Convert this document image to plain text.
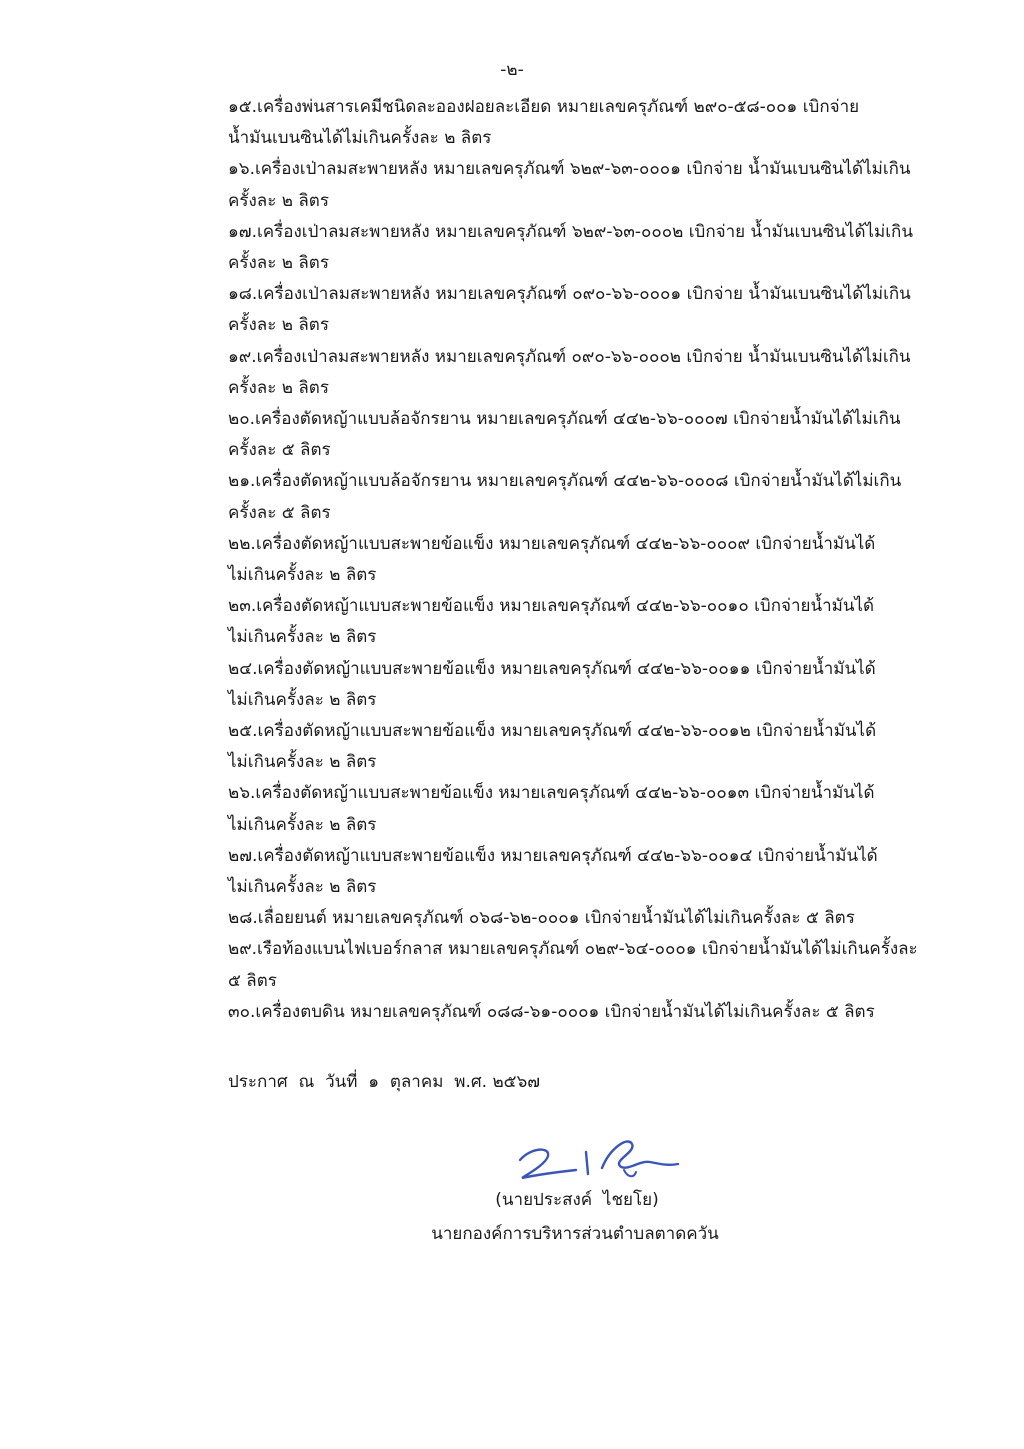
-๒-
๑๕.เครื่องพ่นสารเคมีชนิดละอองฝอยละเอียด หมายเลขครุภัณฑ์ ๒๙๐-๕๘-๐๐๑ เบิกจ่าย
น้ำมันเบนซินได้ไม่เกินครั้งละ ๒ ลิตร
๑๖.เครื่องเป่าลมสะพายหลัง หมายเลขครุภัณฑ์ ๖๒๙-๖๓-๐๐๐๑ เบิกจ่าย น้ำมันเบนซินได้ไม่เกิน
ครั้งละ ๒ ลิตร
๑๗.เครื่องเป่าลมสะพายหลัง หมายเลขครุภัณฑ์ ๖๒๙-๖๓-๐๐๐๒ เบิกจ่าย น้ำมันเบนซินได้ไม่เกิน
ครั้งละ ๒ ลิตร
๑๘.เครื่องเป่าลมสะพายหลัง หมายเลขครุภัณฑ์ ๐๙๐-๖๖-๐๐๐๑ เบิกจ่าย น้ำมันเบนซินได้ไม่เกิน
ครั้งละ ๒ ลิตร
๑๙.เครื่องเป่าลมสะพายหลัง หมายเลขครุภัณฑ์ ๐๙๐-๖๖-๐๐๐๒ เบิกจ่าย น้ำมันเบนซินได้ไม่เกิน
ครั้งละ ๒ ลิตร
๒๐.เครื่องตัดหญ้าแบบล้อจักรยาน หมายเลขครุภัณฑ์ ๔๔๒-๖๖-๐๐๐๗ เบิกจ่ายน้ำมันได้ไม่เกิน
ครั้งละ ๕ ลิตร
๒๑.เครื่องตัดหญ้าแบบล้อจักรยาน หมายเลขครุภัณฑ์ ๔๔๒-๖๖-๐๐๐๘ เบิกจ่ายน้ำมันได้ไม่เกิน
ครั้งละ ๕ ลิตร
๒๒.เครื่องตัดหญ้าแบบสะพายข้อแข็ง หมายเลขครุภัณฑ์ ๔๔๒-๖๖-๐๐๐๙ เบิกจ่ายน้ำมันได้
ไม่เกินครั้งละ ๒ ลิตร
๒๓.เครื่องตัดหญ้าแบบสะพายข้อแข็ง หมายเลขครุภัณฑ์ ๔๔๒-๖๖-๐๐๑๐ เบิกจ่ายน้ำมันได้
ไม่เกินครั้งละ ๒ ลิตร
๒๔.เครื่องตัดหญ้าแบบสะพายข้อแข็ง หมายเลขครุภัณฑ์ ๔๔๒-๖๖-๐๐๑๑ เบิกจ่ายน้ำมันได้
ไม่เกินครั้งละ ๒ ลิตร
๒๕.เครื่องตัดหญ้าแบบสะพายข้อแข็ง หมายเลขครุภัณฑ์ ๔๔๒-๖๖-๐๐๑๒ เบิกจ่ายน้ำมันได้
ไม่เกินครั้งละ ๒ ลิตร
๒๖.เครื่องตัดหญ้าแบบสะพายข้อแข็ง หมายเลขครุภัณฑ์ ๔๔๒-๖๖-๐๐๑๓ เบิกจ่ายน้ำมันได้
ไม่เกินครั้งละ ๒ ลิตร
๒๗.เครื่องตัดหญ้าแบบสะพายข้อแข็ง หมายเลขครุภัณฑ์ ๔๔๒-๖๖-๐๐๑๔ เบิกจ่ายน้ำมันได้
ไม่เกินครั้งละ ๒ ลิตร
๒๘.เลื่อยยนต์ หมายเลขครุภัณฑ์ ๐๖๘-๖๒-๐๐๐๑ เบิกจ่ายน้ำมันได้ไม่เกินครั้งละ ๕ ลิตร
๒๙.เรือท้องแบนไฟเบอร์กลาส หมายเลขครุภัณฑ์ ๐๒๙-๖๔-๐๐๐๑ เบิกจ่ายน้ำมันได้ไม่เกินครั้งละ
๕ ลิตร
๓๐.เครื่องตบดิน หมายเลขครุภัณฑ์ ๐๘๘-๖๑-๐๐๐๑ เบิกจ่ายน้ำมันได้ไม่เกินครั้งละ ๕ ลิตร
ประกาศ  ณ  วันที่  ๑  ตุลาคม  พ.ศ. ๒๕๖๗
(นายประสงค์  ไชยโย)
นายกองค์การบริหารส่วนตำบลตาดควัน
